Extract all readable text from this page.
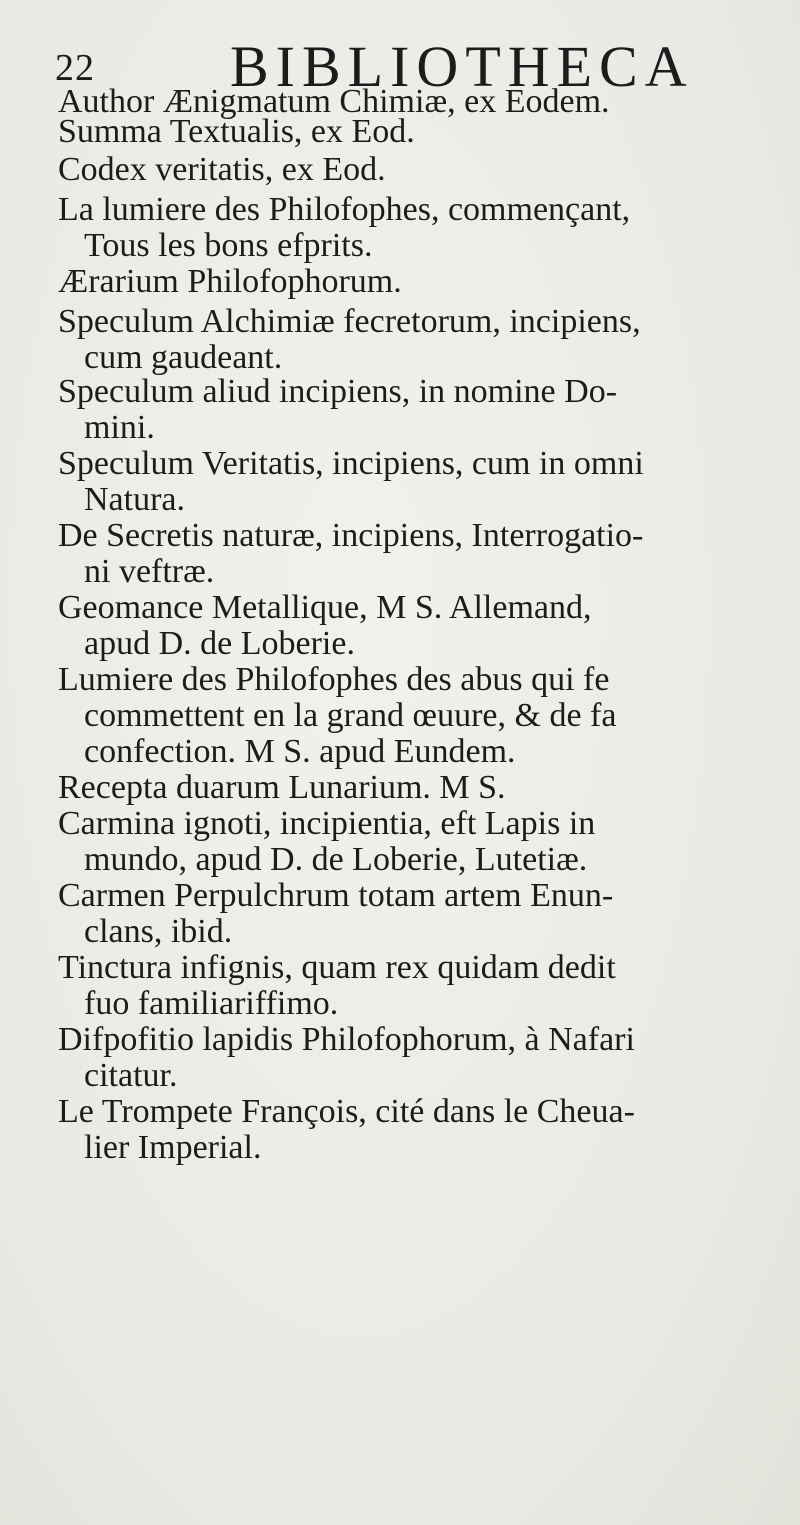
22 BIBLIOTHECA
Author Ænigmatum Chimiæ, ex Eodem.
Summa Textualis, ex Eod.
Codex veritatis, ex Eod.
La lumiere des Philofophes, commençant,
Tous les bons efprits.
Ærarium Philofophorum.
Speculum Alchimiæ fecretorum, incipiens,
cum gaudeant.
Speculum aliud incipiens, in nomine Do-
mini.
Speculum Veritatis, incipiens, cum in omni
Natura.
De Secretis naturæ, incipiens, Interrogatio-
ni veftræ.
Geomance Metallique, M S. Allemand,
apud D. de Loberie.
Lumiere des Philofophes des abus qui fe
commettent en la grand œuure, & de fa
confection. M S. apud Eundem.
Recepta duarum Lunarium. M S.
Carmina ignoti, incipientia, eft Lapis in
mundo, apud D. de Loberie, Lutetiæ.
Carmen Perpulchrum totam artem Enun-
clans, ibid.
Tinctura infignis, quam rex quidam dedit
fuo familiariffimo.
Difpofitio lapidis Philofophorum, à Nafari
citatur.
Le Trompete François, cité dans le Cheua-
lier Imperial.
